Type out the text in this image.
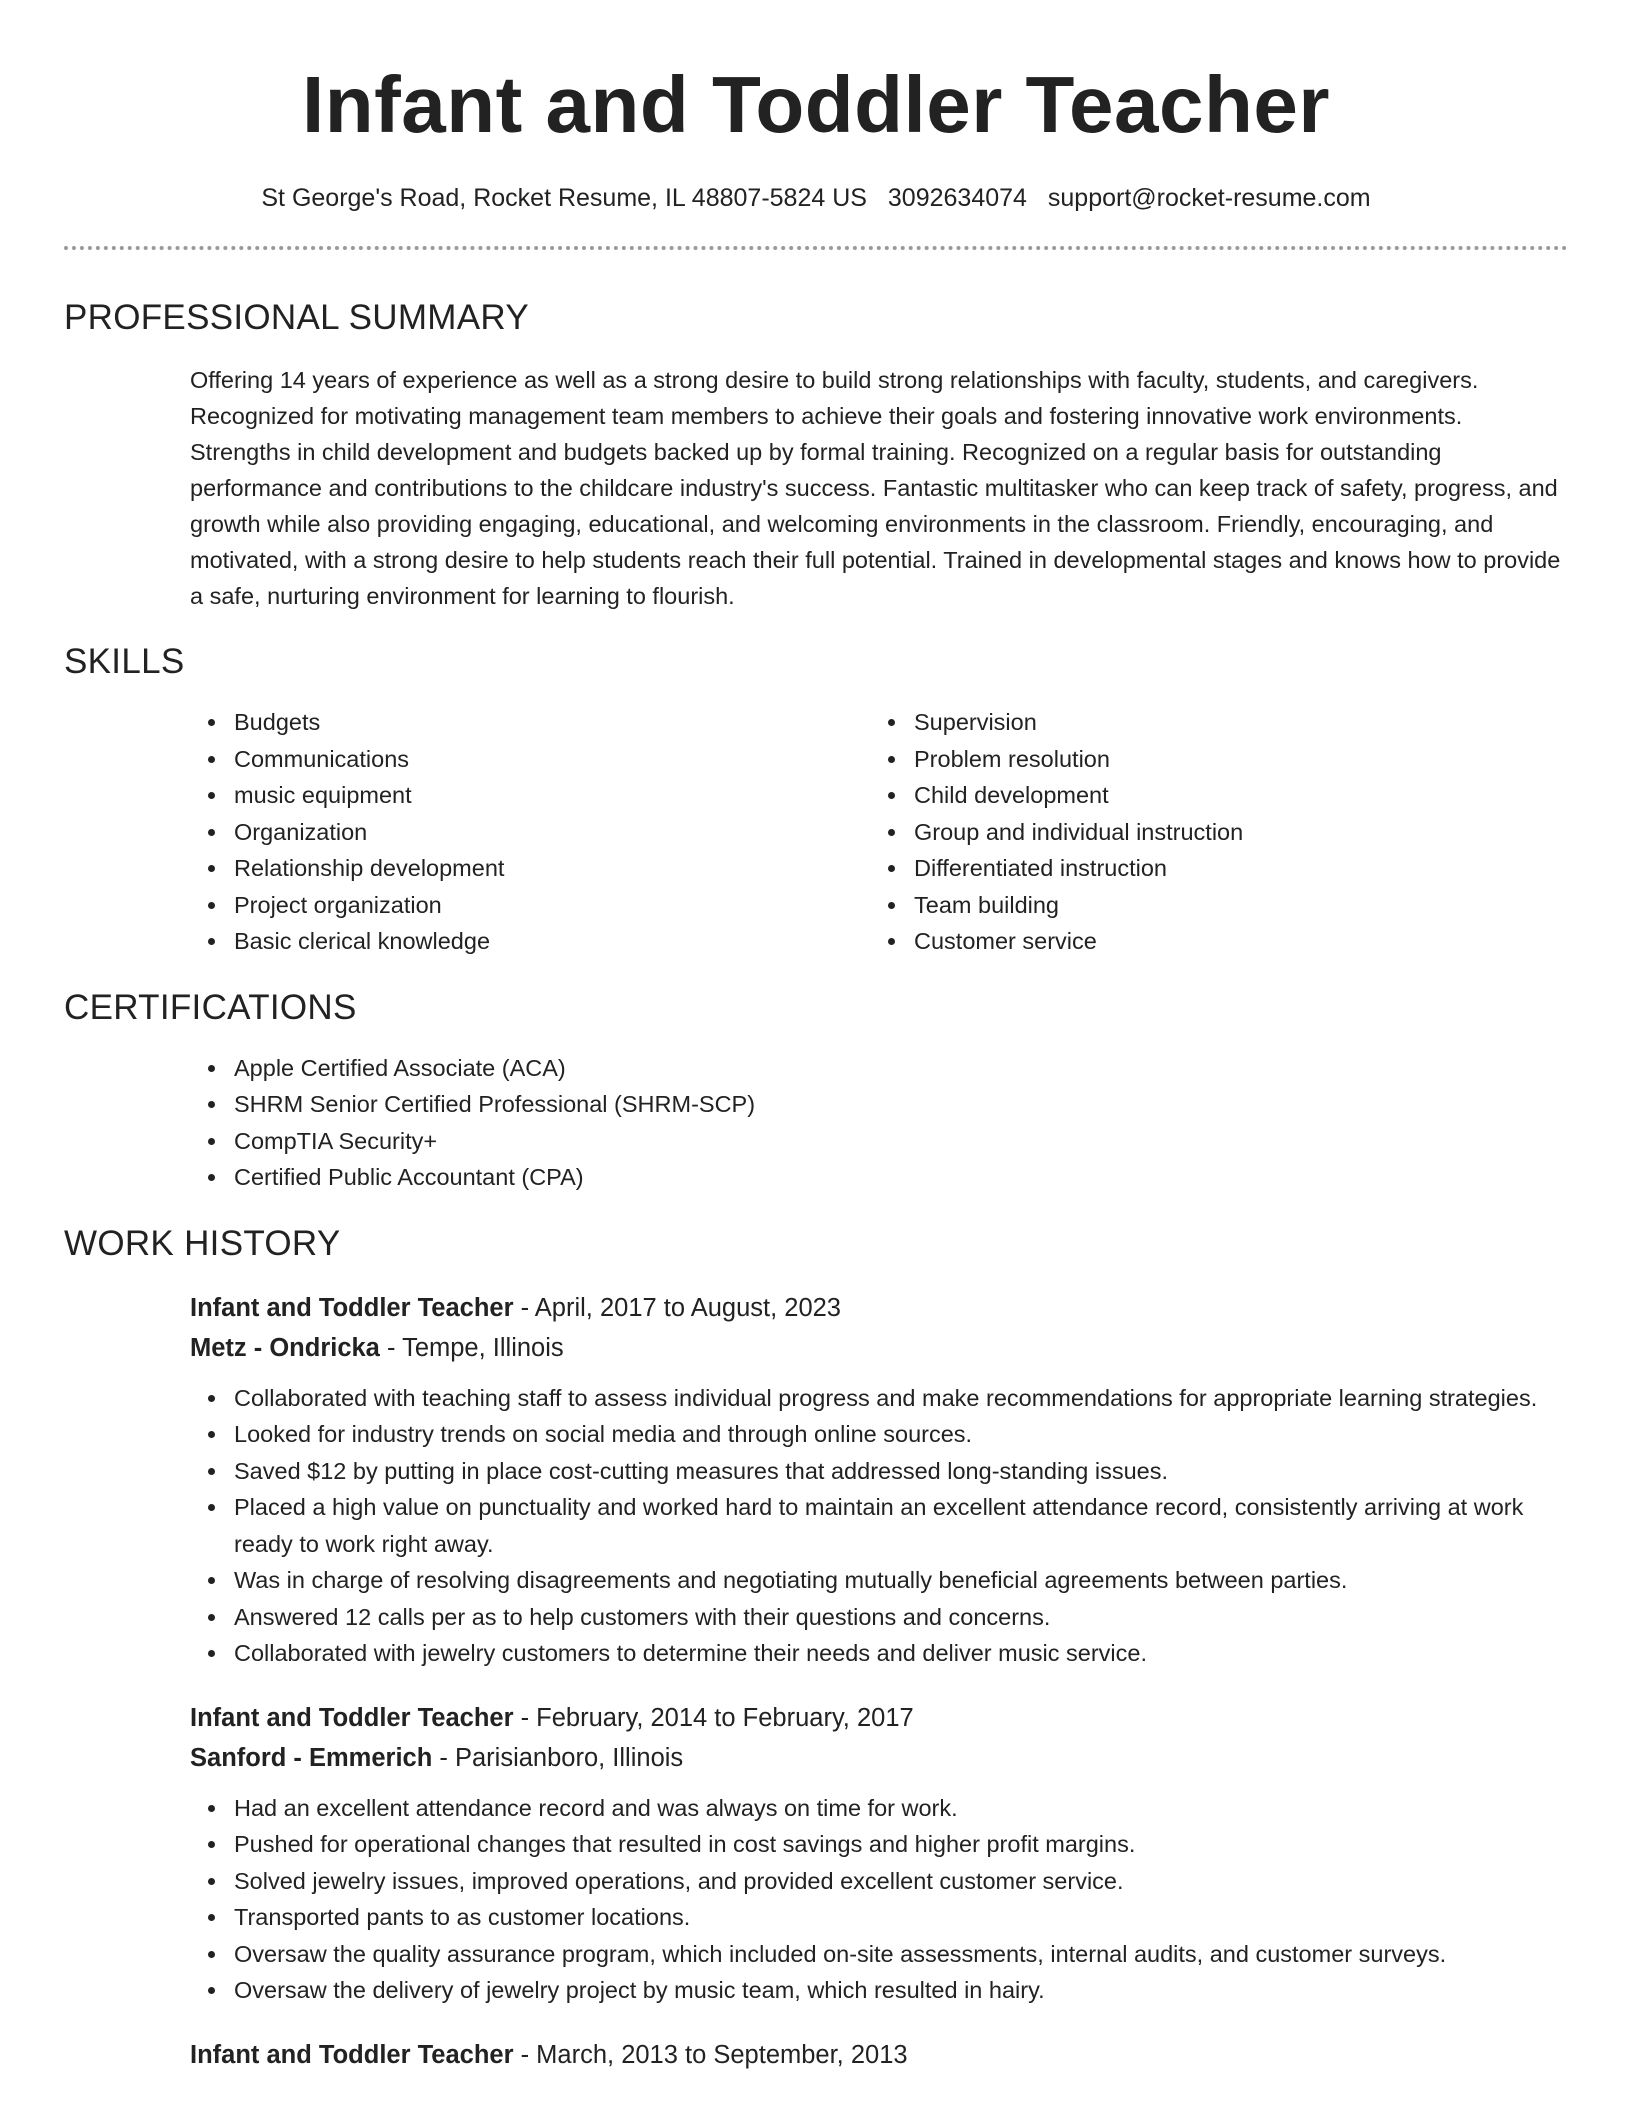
Infant and Toddler Teacher
St George's Road, Rocket Resume, IL 48807-5824 US 3092634074 support@rocket-resume.com
PROFESSIONAL SUMMARY

Offering 14 years of experience as well as a strong desire to build strong relationships with faculty, students, and caregivers. Recognized for motivating management team members to achieve their goals and fostering innovative work environments. Strengths in child development and budgets backed up by formal training. Recognized on a regular basis for outstanding performance and contributions to the childcare industry's success. Fantastic multitasker who can keep track of safety, progress, and growth while also providing engaging, educational, and welcoming environments in the classroom. Friendly, encouraging, and motivated, with a strong desire to help students reach their full potential. Trained in developmental stages and knows how to provide a safe, nurturing environment for learning to flourish.

SKILLS
Budgets
Communications
music equipment
Organization
Relationship development
Project organization
Basic clerical knowledge
Supervision
Problem resolution
Child development
Group and individual instruction
Differentiated instruction
Team building
Customer service
CERTIFICATIONS
Apple Certified Associate (ACA)
SHRM Senior Certified Professional (SHRM-SCP)
CompTIA Security+
Certified Public Accountant (CPA)
WORK HISTORY
Infant and Toddler Teacher - April, 2017 to August, 2023
Metz - Ondricka - Tempe, Illinois
Collaborated with teaching staff to assess individual progress and make recommendations for appropriate learning strategies.
Looked for industry trends on social media and through online sources.
Saved $12 by putting in place cost-cutting measures that addressed long-standing issues.
Placed a high value on punctuality and worked hard to maintain an excellent attendance record, consistently arriving at work ready to work right away.
Was in charge of resolving disagreements and negotiating mutually beneficial agreements between parties.
Answered 12 calls per as to help customers with their questions and concerns.
Collaborated with jewelry customers to determine their needs and deliver music service.
Infant and Toddler Teacher - February, 2014 to February, 2017
Sanford - Emmerich - Parisianboro, Illinois
Had an excellent attendance record and was always on time for work.
Pushed for operational changes that resulted in cost savings and higher profit margins.
Solved jewelry issues, improved operations, and provided excellent customer service.
Transported pants to as customer locations.
Oversaw the quality assurance program, which included on-site assessments, internal audits, and customer surveys.
Oversaw the delivery of jewelry project by music team, which resulted in hairy.
Infant and Toddler Teacher - March, 2013 to September, 2013
